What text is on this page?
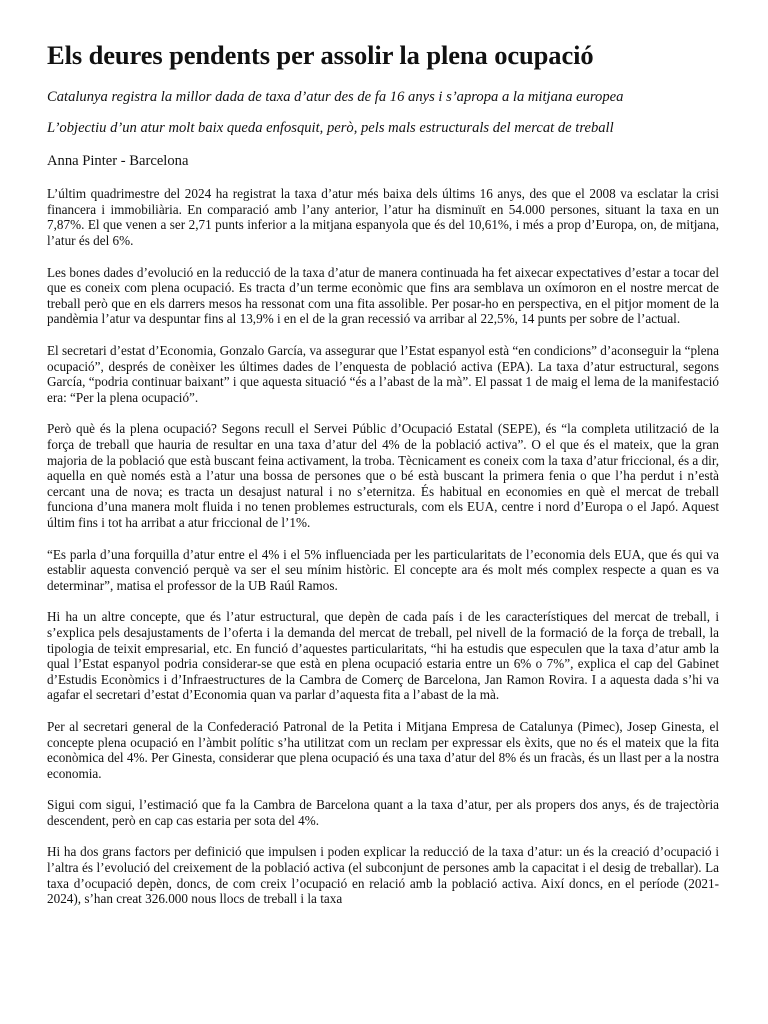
Els deures pendents per assolir la plena ocupació

Catalunya registra la millor dada de taxa d’atur des de fa 16 anys i s’apropa a la mitjana europea

L’objectiu d’un atur molt baix queda enfosquit, però, pels mals estructurals del mercat de treball

Anna Pinter - Barcelona

L’últim quadrimestre del 2024 ha registrat la taxa d’atur més baixa dels últims 16 anys, des que el 2008 va esclatar la crisi financera i immobiliària. En comparació amb l’any anterior, l’atur ha disminuït en 54.000 persones, situant la taxa en un 7,87%. El que venen a ser 2,71 punts inferior a la mitjana espanyola que és del 10,61%, i més a prop d’Europa, on, de mitjana, l’atur és del 6%.

Les bones dades d’evolució en la reducció de la taxa d’atur de manera continuada ha fet aixecar expectatives d’estar a tocar del que es coneix com plena ocupació. Es tracta d’un terme econòmic que fins ara semblava un oxímoron en el nostre mercat de treball però que en els darrers mesos ha ressonat com una fita assolible. Per posar-ho en perspectiva, en el pitjor moment de la pandèmia l’atur va despuntar fins al 13,9% i en el de la gran recessió va arribar al 22,5%, 14 punts per sobre de l’actual.

El secretari d’estat d’Economia, Gonzalo García, va assegurar que l’Estat espanyol està “en condicions” d’aconseguir la “plena ocupació”, després de conèixer les últimes dades de l’enquesta de població activa (EPA). La taxa d’atur estructural, segons García, “podria continuar baixant” i que aquesta situació “és a l’abast de la mà”. El passat 1 de maig el lema de la manifestació era: “Per la plena ocupació”.

Però què és la plena ocupació? Segons recull el Servei Públic d’Ocupació Estatal (SEPE), és “la completa utilització de la força de treball que hauria de resultar en una taxa d’atur del 4% de la població activa”. O el que és el mateix, que la gran majoria de la població que està buscant feina activament, la troba. Tècnicament es coneix com la taxa d’atur friccional, és a dir, aquella en què només està a l’atur una bossa de persones que o bé està buscant la primera fenia o que l’ha perdut i n’està cercant una de nova; es tracta un desajust natural i no s’eternitza. És habitual en economies en què el mercat de treball funciona d’una manera molt fluida i no tenen problemes estructurals, com els EUA, centre i nord d’Europa o el Japó. Aquest últim fins i tot ha arribat a atur friccional de l’1%.

“Es parla d’una forquilla d’atur entre el 4% i el 5% influenciada per les particularitats de l’economia dels EUA, que és qui va establir aquesta convenció perquè va ser el seu mínim històric. El concepte ara és molt més complex respecte a quan es va determinar”, matisa el professor de la UB Raúl Ramos.

Hi ha un altre concepte, que és l’atur estructural, que depèn de cada país i de les característiques del mercat de treball, i s’explica pels desajustaments de l’oferta i la demanda del mercat de treball, pel nivell de la formació de la força de treball, la tipologia de teixit empresarial, etc. En funció d’aquestes particularitats, “hi ha estudis que especulen que la taxa d’atur amb la qual l’Estat espanyol podria considerar-se que està en plena ocupació estaria entre un 6% o 7%”, explica el cap del Gabinet d’Estudis Econòmics i d’Infraestructures de la Cambra de Comerç de Barcelona, Jan Ramon Rovira. I a aquesta dada s’hi va agafar el secretari d’estat d’Economia quan va parlar d’aquesta fita a l’abast de la mà.

Per al secretari general de la Confederació Patronal de la Petita i Mitjana Empresa de Catalunya (Pimec), Josep Ginesta, el concepte plena ocupació en l’àmbit polític s’ha utilitzat com un reclam per expressar els èxits, que no és el mateix que la fita econòmica del 4%. Per Ginesta, considerar que plena ocupació és una taxa d’atur del 8% és un fracàs, és un llast per a la nostra economia.

Sigui com sigui, l’estimació que fa la Cambra de Barcelona quant a la taxa d’atur, per als propers dos anys, és de trajectòria descendent, però en cap cas estaria per sota del 4%.

Hi ha dos grans factors per definició que impulsen i poden explicar la reducció de la taxa d’atur: un és la creació d’ocupació i l’altra és l’evolució del creixement de la població activa (el subconjunt de persones amb la capacitat i el desig de treballar). La taxa d’ocupació depèn, doncs, de com creix l’ocupació en relació amb la població activa. Així doncs, en el període (2021-2024), s’han creat 326.000 nous llocs de treball i la taxa
